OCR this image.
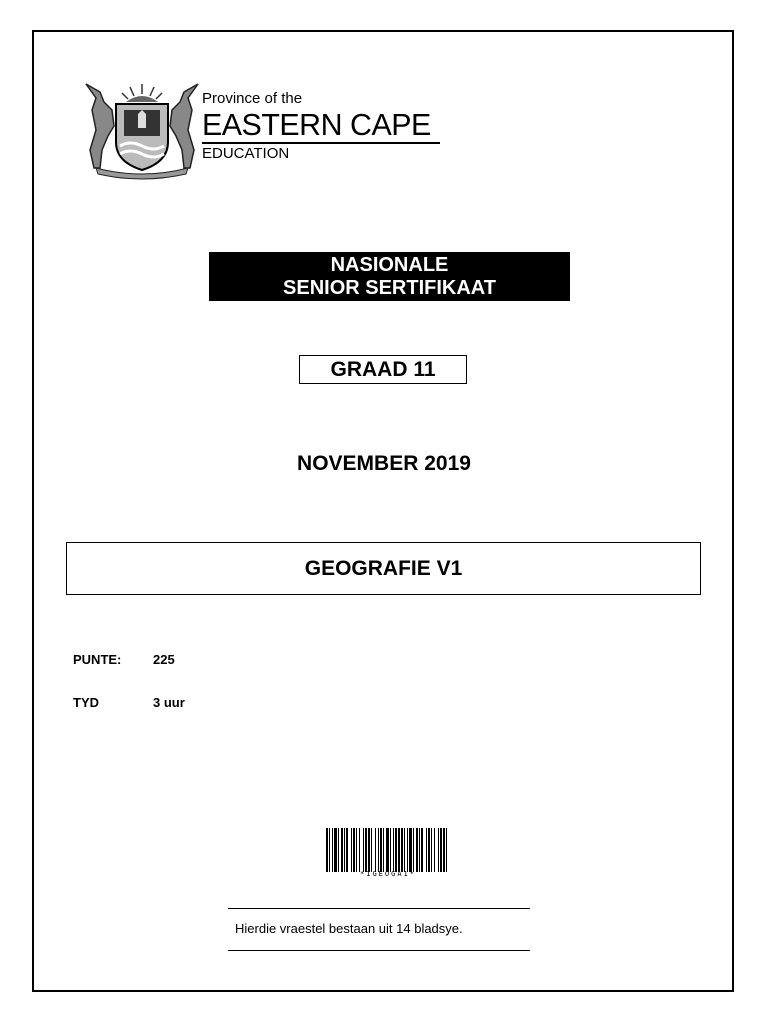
Province of the
EASTERN CAPE
EDUCATION
NASIONALE
SENIOR SERTIFIKAAT
GRAAD 11
NOVEMBER 2019
GEOGRAFIE V1
PUNTE: 225
TYD	3 uur
*IGEOGA1*
Hierdie vraestel bestaan uit 14 bladsye.
